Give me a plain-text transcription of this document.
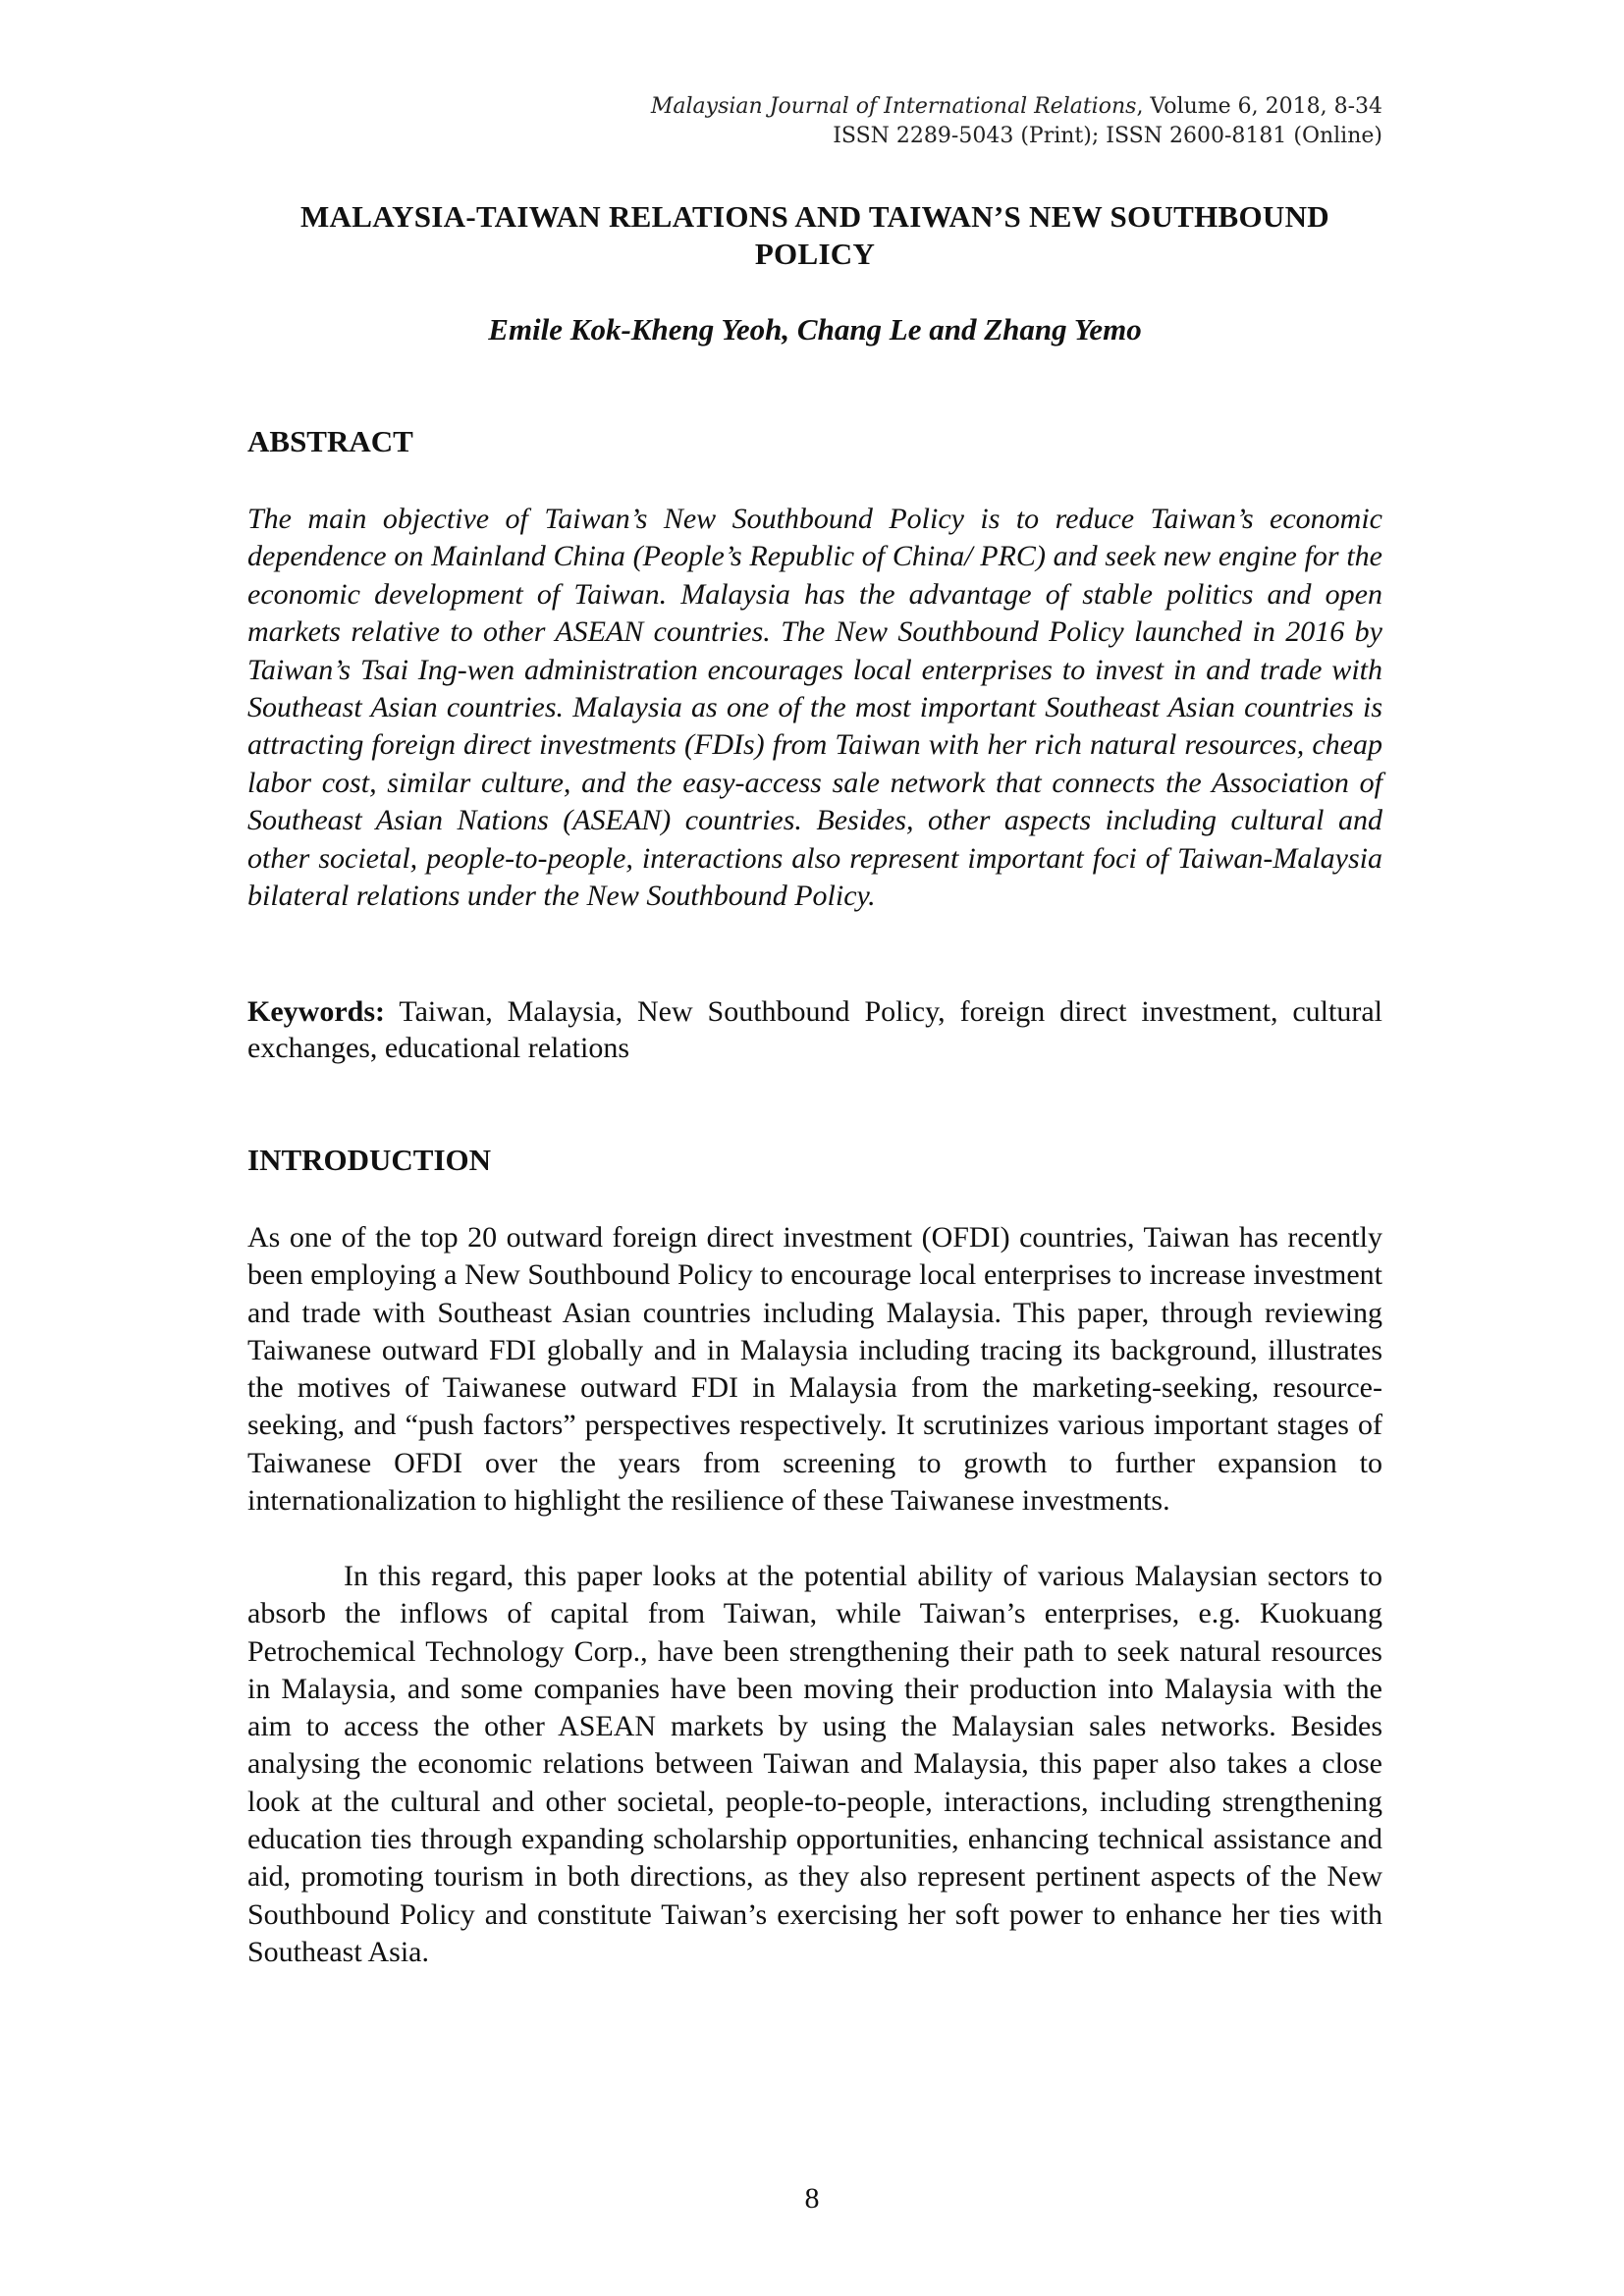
Malaysian Journal of International Relations, Volume 6, 2018, 8-34
ISSN 2289-5043 (Print); ISSN 2600-8181 (Online)
MALAYSIA-TAIWAN RELATIONS AND TAIWAN’S NEW SOUTHBOUND
POLICY
Emile Kok-Kheng Yeoh, Chang Le and Zhang Yemo
ABSTRACT
The main objective of Taiwan’s New Southbound Policy is to reduce Taiwan’s economic dependence on Mainland China (People’s Republic of China/ PRC) and seek new engine for the economic development of Taiwan. Malaysia has the advantage of stable politics and open markets relative to other ASEAN countries. The New Southbound Policy launched in 2016 by Taiwan’s Tsai Ing-wen administration encourages local enterprises to invest in and trade with Southeast Asian countries. Malaysia as one of the most important Southeast Asian countries is attracting foreign direct investments (FDIs) from Taiwan with her rich natural resources, cheap labor cost, similar culture, and the easy-access sale network that connects the Association of Southeast Asian Nations (ASEAN) countries. Besides, other aspects including cultural and other societal, people-to-people, interactions also represent important foci of Taiwan-Malaysia bilateral relations under the New Southbound Policy.
Keywords: Taiwan, Malaysia, New Southbound Policy, foreign direct investment, cultural exchanges, educational relations
INTRODUCTION
As one of the top 20 outward foreign direct investment (OFDI) countries, Taiwan has recently been employing a New Southbound Policy to encourage local enterprises to increase investment and trade with Southeast Asian countries including Malaysia. This paper, through reviewing Taiwanese outward FDI globally and in Malaysia including tracing its background, illustrates the motives of Taiwanese outward FDI in Malaysia from the marketing-seeking, resource-seeking, and “push factors” perspectives respectively. It scrutinizes various important stages of Taiwanese OFDI over the years from screening to growth to further expansion to internationalization to highlight the resilience of these Taiwanese investments.
In this regard, this paper looks at the potential ability of various Malaysian sectors to absorb the inflows of capital from Taiwan, while Taiwan’s enterprises, e.g. Kuokuang Petrochemical Technology Corp., have been strengthening their path to seek natural resources in Malaysia, and some companies have been moving their production into Malaysia with the aim to access the other ASEAN markets by using the Malaysian sales networks. Besides analysing the economic relations between Taiwan and Malaysia, this paper also takes a close look at the cultural and other societal, people-to-people, interactions, including strengthening education ties through expanding scholarship opportunities, enhancing technical assistance and aid, promoting tourism in both directions, as they also represent pertinent aspects of the New Southbound Policy and constitute Taiwan’s exercising her soft power to enhance her ties with Southeast Asia.
8
